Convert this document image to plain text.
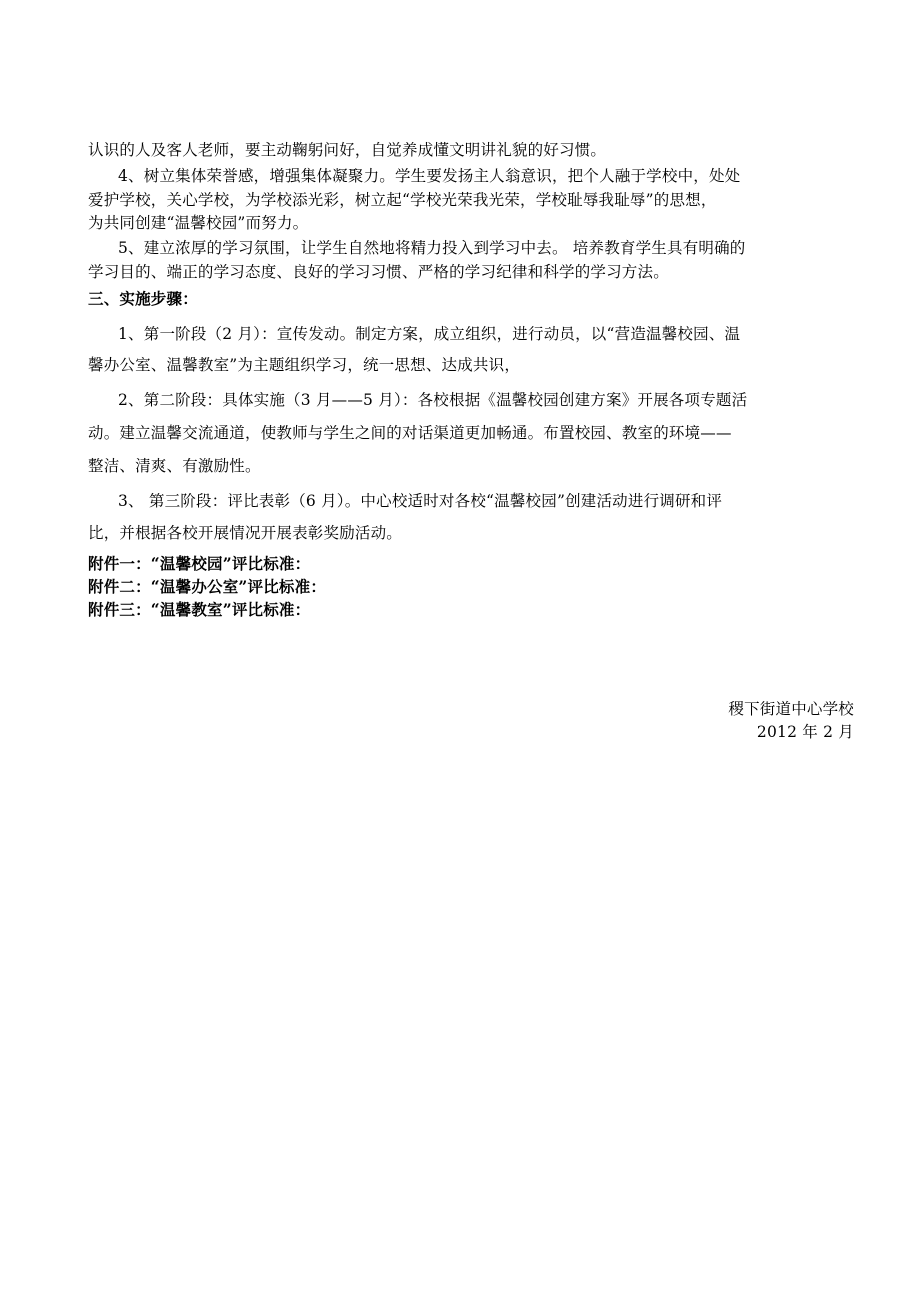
认识的人及客人老师，要主动鞠躬问好，自觉养成懂文明讲礼貌的好习惯。
4、树立集体荣誉感，增强集体凝聚力。学生要发扬主人翁意识，把个人融于学校中，处处
爱护学校，关心学校，为学校添光彩，树立起“学校光荣我光荣，学校耻辱我耻辱”的思想，
为共同创建“温馨校园”而努力。
5、建立浓厚的学习氛围，让学生自然地将精力投入到学习中去。 培养教育学生具有明确的
学习目的、端正的学习态度、良好的学习习惯、严格的学习纪律和科学的学习方法。
三、实施步骤：
1、第一阶段（2 月）：宣传发动。制定方案，成立组织，进行动员，以“营造温馨校园、温
馨办公室、温馨教室”为主题组织学习，统一思想、达成共识，
2、第二阶段：具体实施（3 月——5 月）：各校根据《温馨校园创建方案》开展各项专题活
动。建立温馨交流通道，使教师与学生之间的对话渠道更加畅通。布置校园、教室的环境——
整洁、清爽、有激励性。
3、 第三阶段：评比表彰（6 月）。中心校适时对各校“温馨校园”创建活动进行调研和评
比，并根据各校开展情况开展表彰奖励活动。
附件一：“温馨校园”评比标准：
附件二：“温馨办公室”评比标准：
附件三：“温馨教室”评比标准：
稷下街道中心学校
2012 年 2 月
